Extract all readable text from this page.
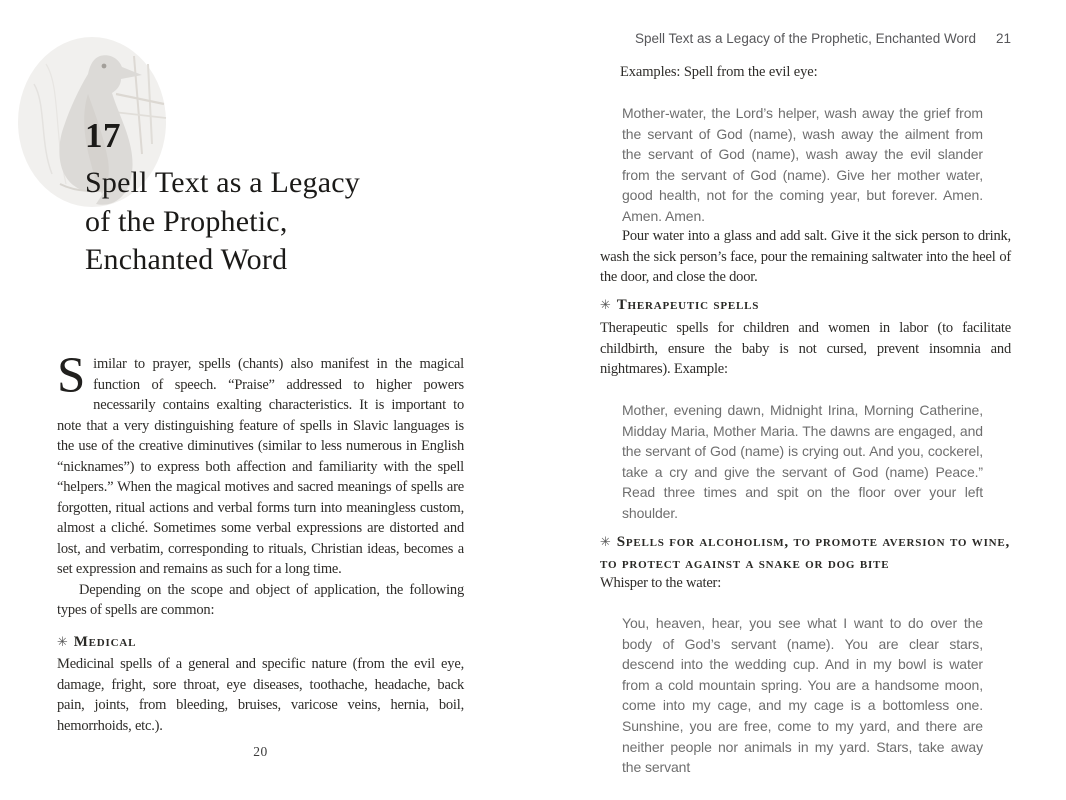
17
Spell Text as a Legacy
of the Prophetic,
Enchanted Word
Similar to prayer, spells (chants) also manifest in the magical function of speech. “Praise” addressed to higher powers necessarily contains exalting characteristics. It is important to note that a very distinguishing feature of spells in Slavic languages is the use of the creative diminutives (similar to less numerous in English “nicknames”) to express both affection and familiarity with the spell “helpers.” When the magical motives and sacred meanings of spells are forgotten, ritual actions and verbal forms turn into meaningless custom, almost a cliché. Sometimes some verbal expressions are distorted and lost, and verbatim, corresponding to rituals, Christian ideas, becomes a set expression and remains as such for a long time.
Depending on the scope and object of application, the following types of spells are common:
✳ Medical
Medicinal spells of a general and specific nature (from the evil eye, damage, fright, sore throat, eye diseases, toothache, headache, back pain, joints, from bleeding, bruises, varicose veins, hernia, boil, hemorrhoids, etc.).
20
Spell Text as a Legacy of the Prophetic, Enchanted Word 21
Examples: Spell from the evil eye:
Mother-water, the Lord’s helper, wash away the grief from the servant of God (name), wash away the ailment from the servant of God (name), wash away the evil slander from the servant of God (name). Give her mother water, good health, not for the coming year, but forever. Amen. Amen. Amen.
Pour water into a glass and add salt. Give it the sick person to drink, wash the sick person’s face, pour the remaining saltwater into the heel of the door, and close the door.
✳ Therapeutic spells
Therapeutic spells for children and women in labor (to facilitate childbirth, ensure the baby is not cursed, prevent insomnia and nightmares). Example:
Mother, evening dawn, Midnight Irina, Morning Catherine, Midday Maria, Mother Maria. The dawns are engaged, and the servant of God (name) is crying out. And you, cockerel, take a cry and give the servant of God (name) Peace.” Read three times and spit on the floor over your left shoulder.
✳ Spells for alcoholism, to promote aversion to wine,
to protect against a snake or dog bite
Whisper to the water:
You, heaven, hear, you see what I want to do over the body of God’s servant (name). You are clear stars, descend into the wedding cup. And in my bowl is water from a cold mountain spring. You are a handsome moon, come into my cage, and my cage is a bottomless one. Sunshine, you are free, come to my yard, and there are neither people nor animals in my yard. Stars, take away the servant
